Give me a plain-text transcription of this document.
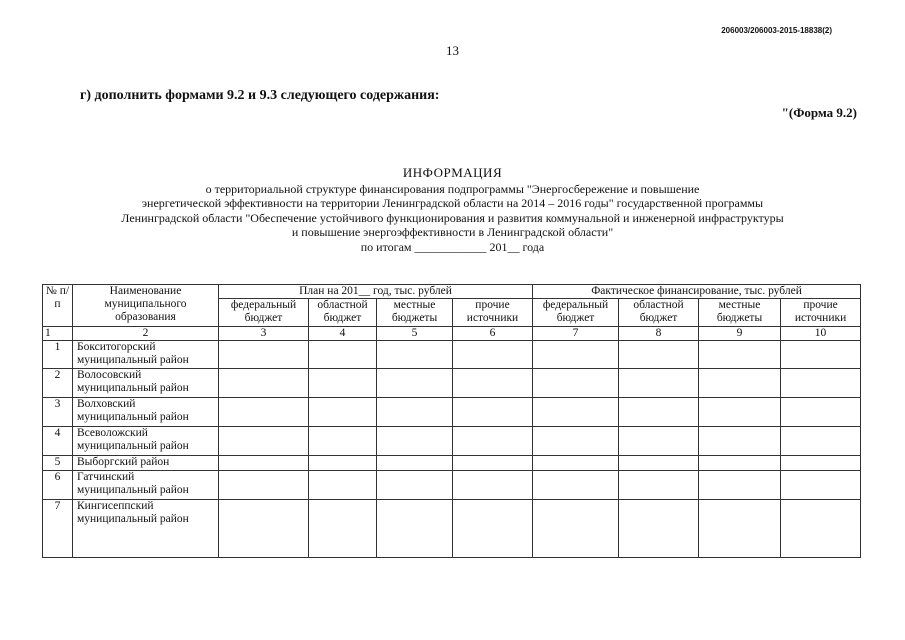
206003/206003-2015-18838(2)
13
г) дополнить формами 9.2 и 9.3 следующего содержания:
"(Форма 9.2)
ИНФОРМАЦИЯ
о территориальной структуре финансирования подпрограммы "Энергосбережение и повышение
энергетической эффективности на территории Ленинградской области на 2014 – 2016 годы" государственной программы
Ленинградской области "Обеспечение устойчивого функционирования и развития коммунальной и инженерной инфраструктуры
и повышение энергоэффективности в Ленинградской области"
по итогам ____________ 201__ года
№ п/п	Наименование муниципального образования	План на 201__ год, тыс. рублей				Фактическое финансирование, тыс. рублей			
		федеральный бюджет	областной бюджет	местные бюджеты	прочие источники	федеральный бюджет	областной бюджет	местные бюджеты	прочие источники
1	2	3	4	5	6	7	8	9	10
1	Бокситогорский муниципальный район								
2	Волосовский муниципальный район								
3	Волховский муниципальный район								
4	Всеволожский муниципальный район								
5	Выборгский район								
6	Гатчинский муниципальный район								
7	Кингисеппский муниципальный район								
